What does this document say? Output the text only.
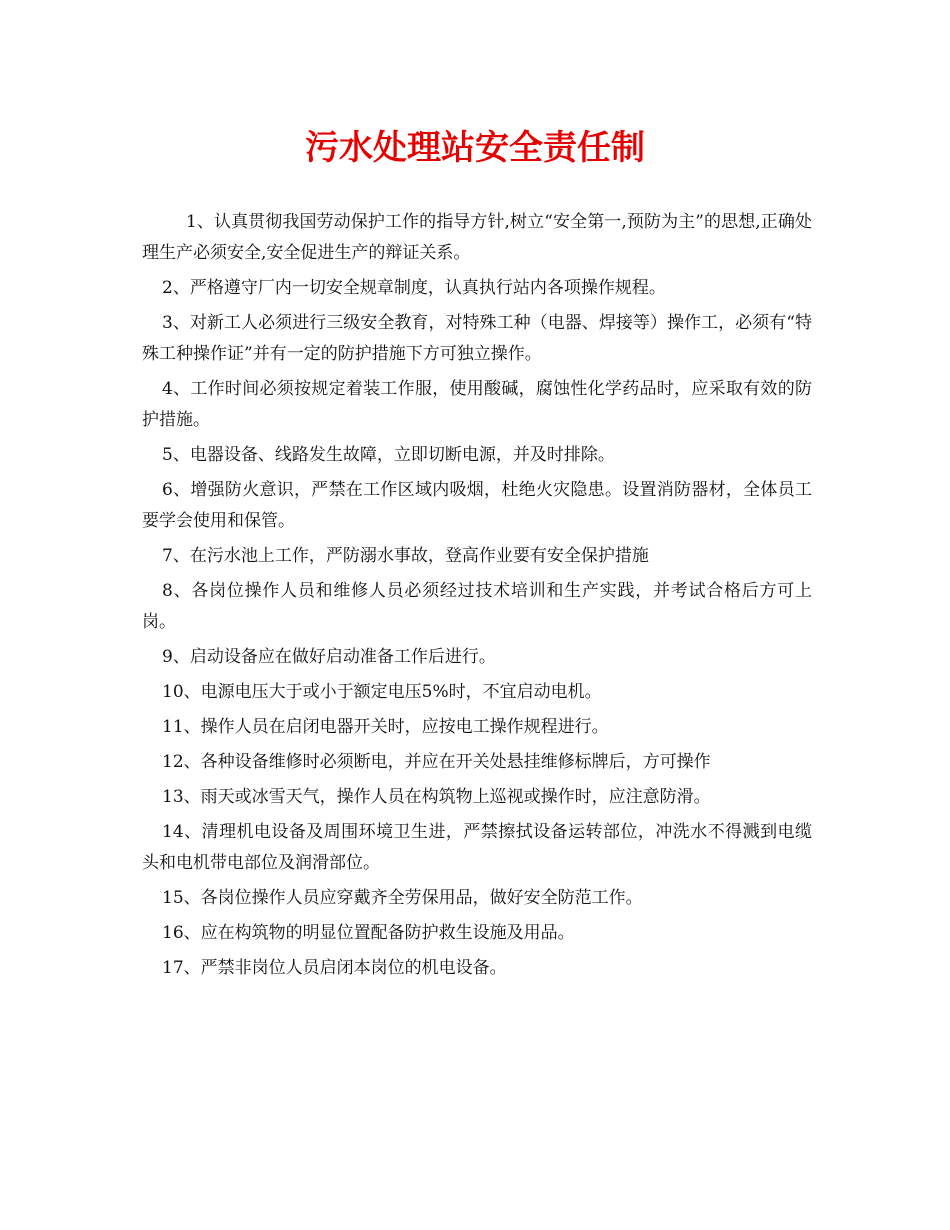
污水处理站安全责任制

1、认真贯彻我国劳动保护工作的指导方针,树立“安全第一,预防为主”的思想,正确处理生产必须安全,安全促进生产的辩证关系。

2、严格遵守厂内一切安全规章制度，认真执行站内各项操作规程。

3、对新工人必须进行三级安全教育，对特殊工种（电器、焊接等）操作工，必须有“特殊工种操作证”并有一定的防护措施下方可独立操作。

4、工作时间必须按规定着装工作服，使用酸碱，腐蚀性化学药品时，应采取有效的防护措施。

5、电器设备、线路发生故障，立即切断电源，并及时排除。

6、增强防火意识，严禁在工作区域内吸烟，杜绝火灾隐患。设置消防器材，全体员工要学会使用和保管。

7、在污水池上工作，严防溺水事故，登高作业要有安全保护措施

8、各岗位操作人员和维修人员必须经过技术培训和生产实践，并考试合格后方可上岗。

9、启动设备应在做好启动准备工作后进行。

10、电源电压大于或小于额定电压5%时，不宜启动电机。

11、操作人员在启闭电器开关时，应按电工操作规程进行。

12、各种设备维修时必须断电，并应在开关处悬挂维修标牌后，方可操作

13、雨天或冰雪天气，操作人员在构筑物上巡视或操作时，应注意防滑。

14、清理机电设备及周围环境卫生进，严禁擦拭设备运转部位，冲洗水不得溅到电缆头和电机带电部位及润滑部位。

15、各岗位操作人员应穿戴齐全劳保用品，做好安全防范工作。

16、应在构筑物的明显位置配备防护救生设施及用品。

17、严禁非岗位人员启闭本岗位的机电设备。
